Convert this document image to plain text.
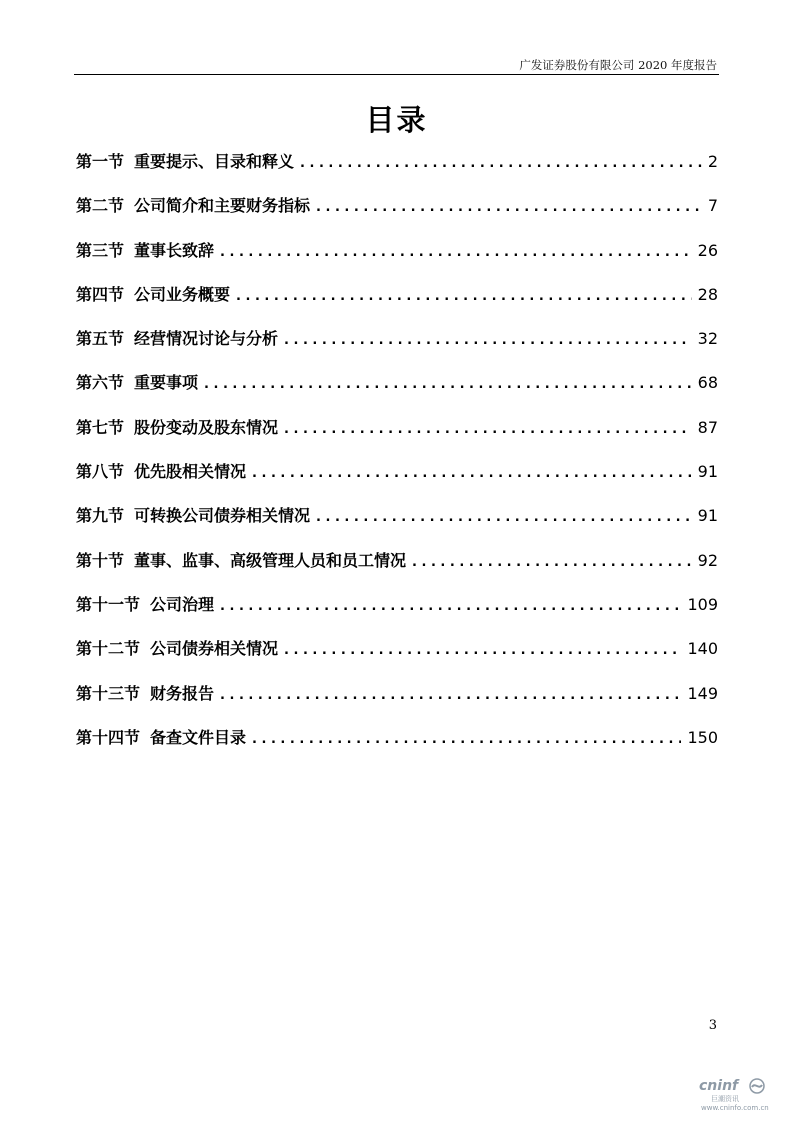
广发证券股份有限公司 2020 年度报告
目录
第一节 重要提示、目录和释义 . . .	2
第二节 公司简介和主要财务指标 . . .	7
第三节 董事长致辞 . . .	26
第四节 公司业务概要 . . .	28
第五节 经营情况讨论与分析 . . .	32
第六节 重要事项 . . .	68
第七节 股份变动及股东情况 . . .	87
第八节 优先股相关情况 . . .	91
第九节 可转换公司债券相关情况 . . .	91
第十节 董事、监事、高级管理人员和员工情况 . . .	92
第十一节 公司治理 . . .	109
第十二节 公司债券相关情况 . . .	140
第十三节 财务报告 . . .	149
第十四节 备查文件目录 . . .	150
3
cninf
巨潮资讯
www.cninfo.com.cn
